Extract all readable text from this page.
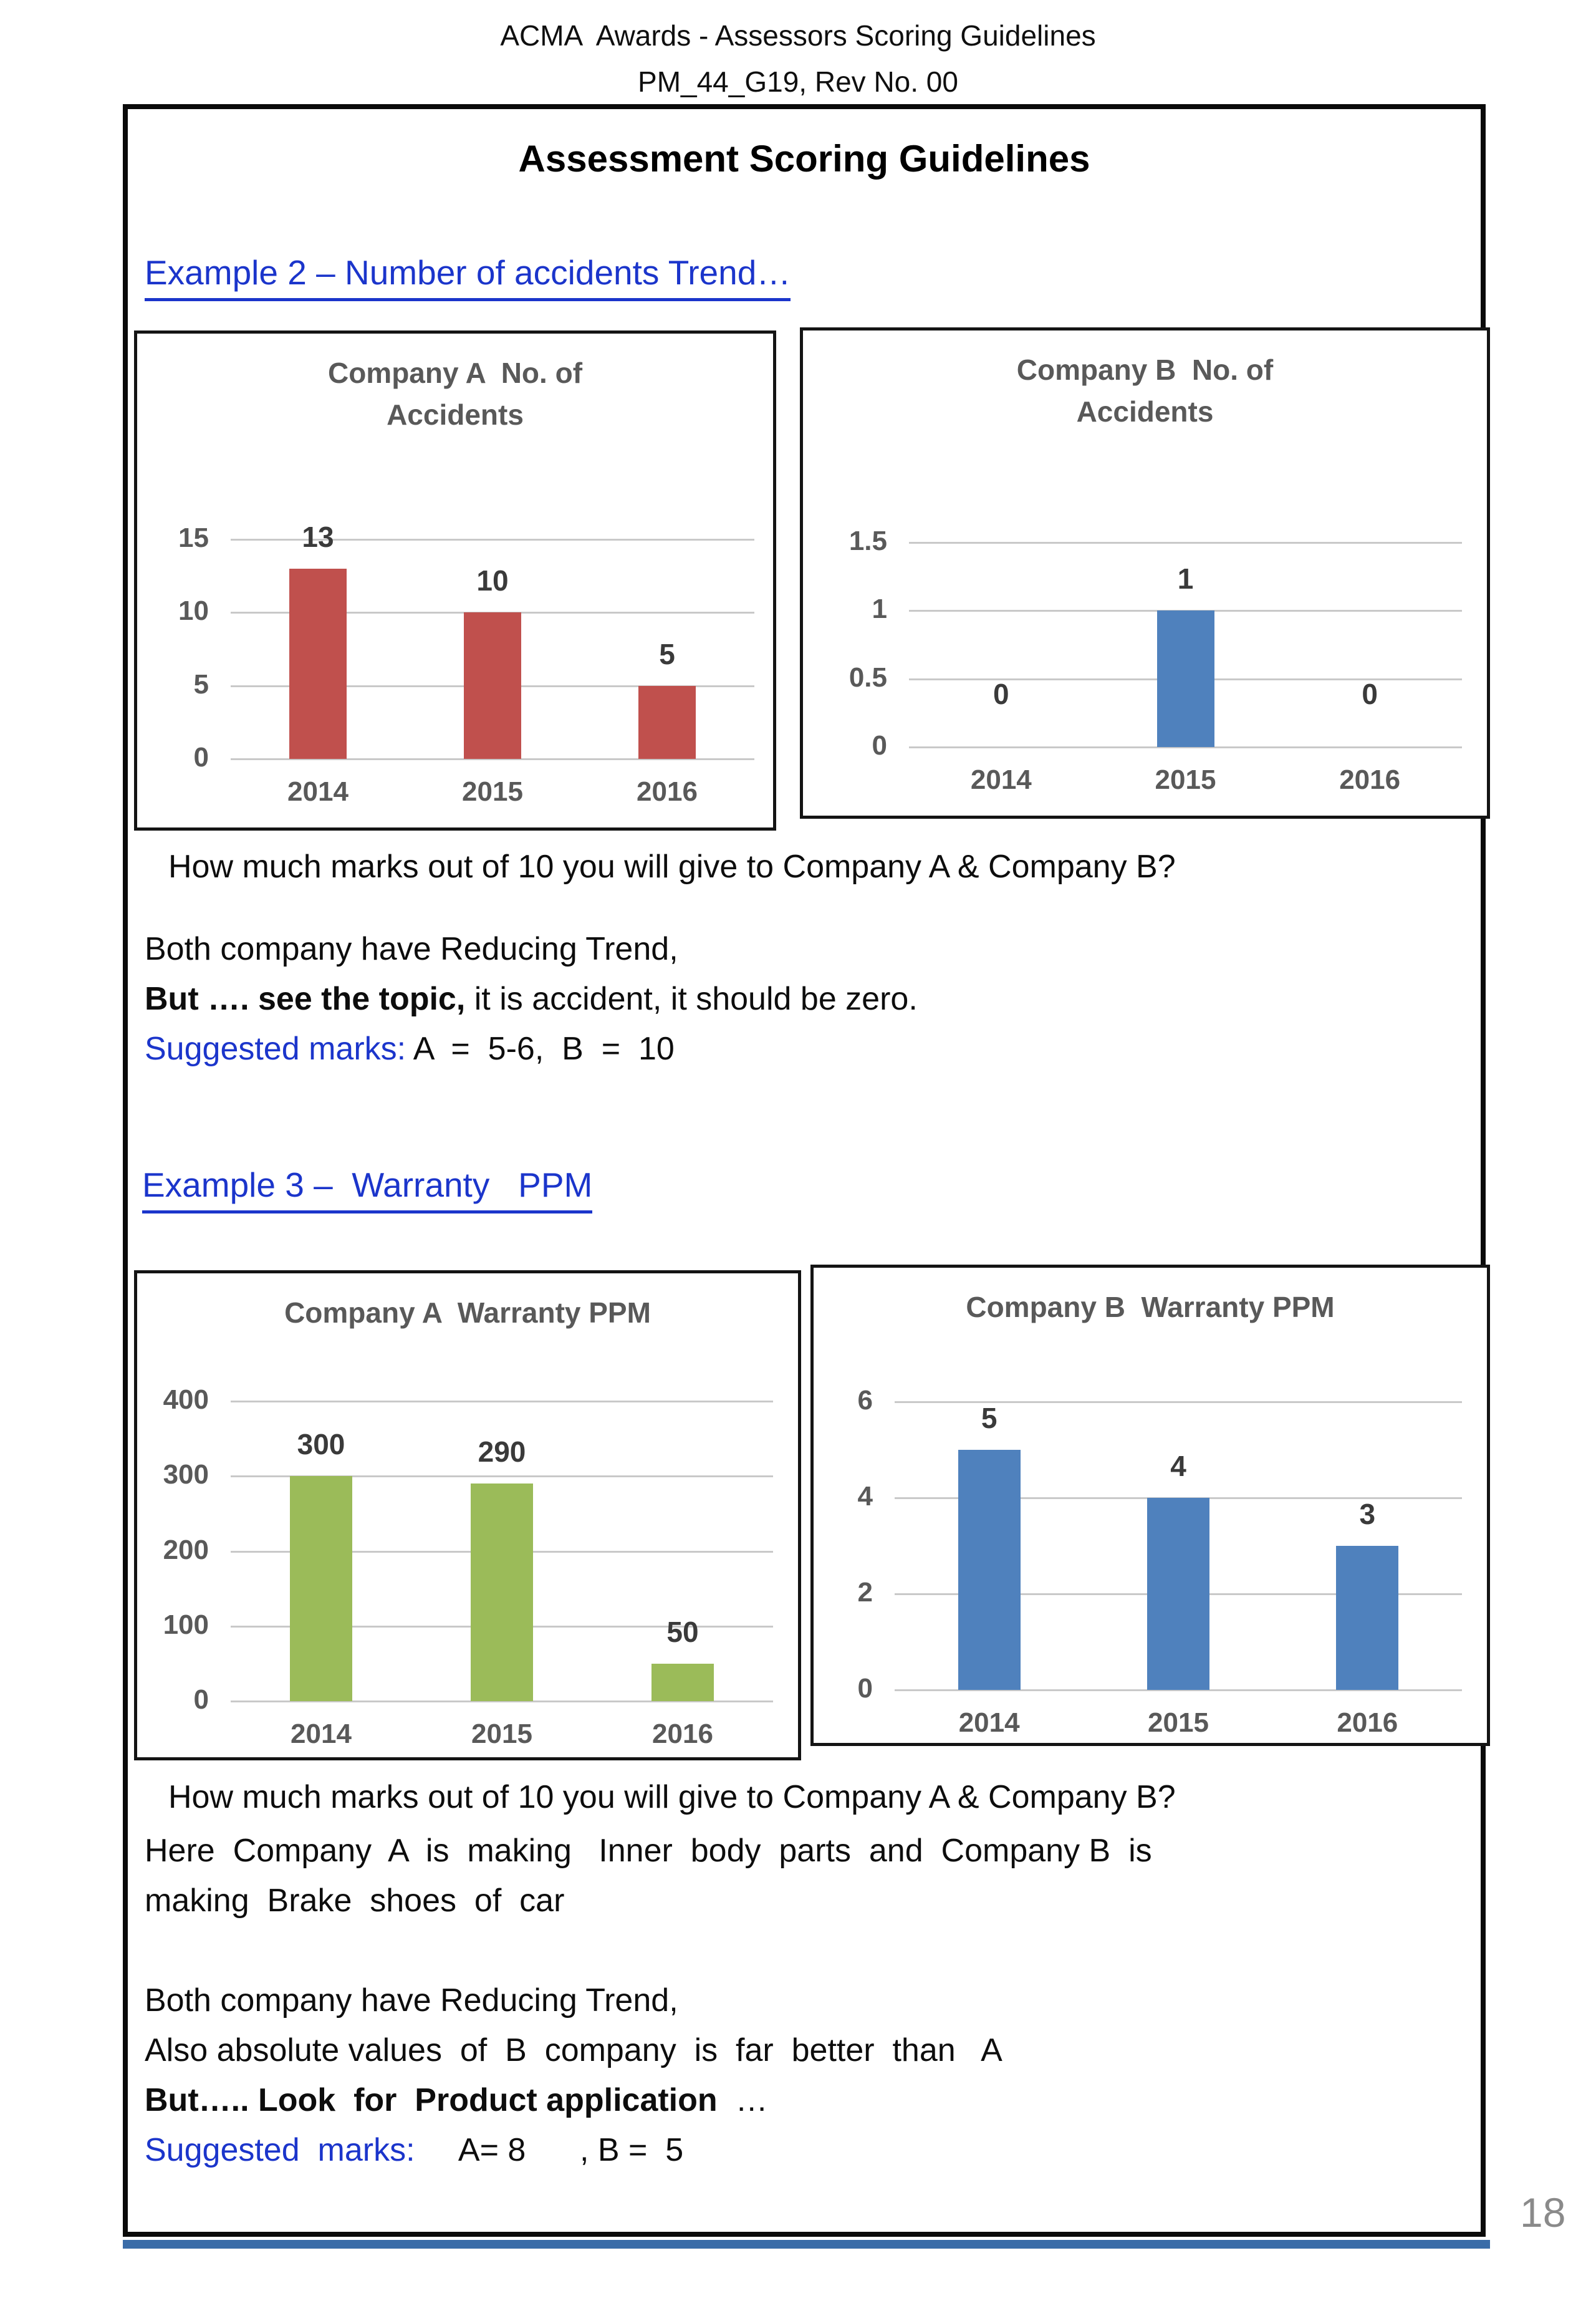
ACMA  Awards - Assessors Scoring Guidelines
PM_44_G19, Rev No. 00
Assessment Scoring Guidelines
Example 2 – Number of accidents Trend…
Company A  No. of
Accidents
15
10
5
0
13
2014
10
2015
5
2016
Company B  No. of
Accidents
1.5
1
0.5
0
0
2014
1
2015
0
2016
How much marks out of 10 you will give to Company A & Company B?
Both company have Reducing Trend,
But …. see the topic, it is accident, it should be zero.
Suggested marks: A  =  5-6,  B  =  10
Example 3 –  Warranty   PPM
Company A  Warranty PPM
400
300
200
100
0
300
2014
290
2015
50
2016
Company B  Warranty PPM
6
4
2
0
5
2014
4
2015
3
2016
How much marks out of 10 you will give to Company A & Company B?
Here  Company  A  is  making   Inner  body  parts  and  Company B  is
making  Brake  shoes  of  car
Both company have Reducing Trend,
Also absolute values  of  B  company  is  far  better  than   A
But….. Look  for  Product application  …
Suggested  marks:     A= 8      , B =  5
18
